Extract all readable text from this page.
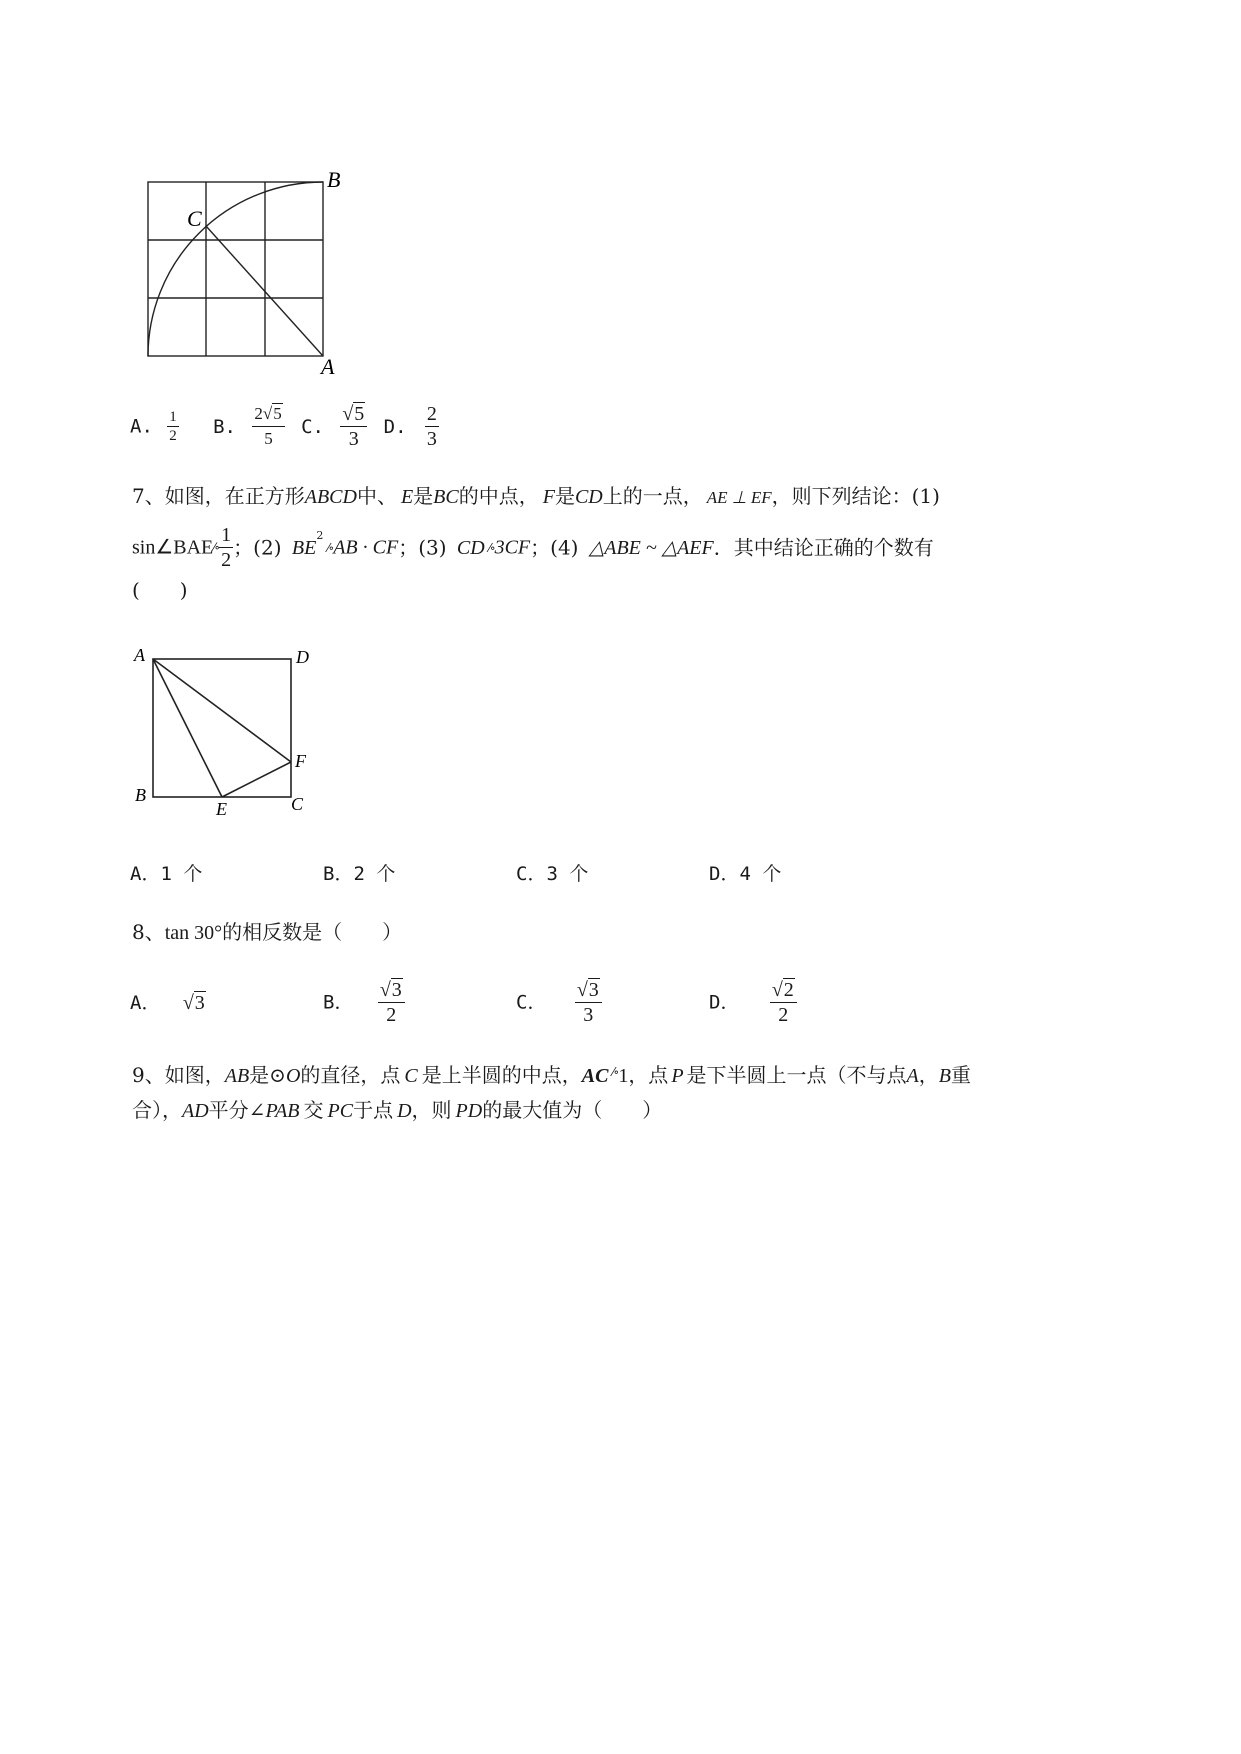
B
C
A
A. $\frac{1}{2} B$. $\frac{2√5}{5} C$. $\frac{√5}{3} D$. $\frac{2}{3}$
7、如图，在正方形ABCD中、 E是BC的中点， F是CD上的一点， AE ⊥ EF，则下列结论：(1)
sin∠BAE⁄∘ $\frac{1}{2}$ ；(2) $BE^2⁄\circ AB$ · CF；(3) CD ⁄∘3CF；(4) △ABE ~ △AEF．其中结论正确的个数有
(　　)
A	D
F
B
E	C
A．1 个	B．2 个	C．3 个	D．4 个
8、tan 30°的相反数是（　　）
A． √3	B． $\frac{√3}{2}$	C． $\frac{√3}{3}$	D． $\frac{√2}{2}$
9、如图，AB是⊙O的直径，点 C 是上半圆的中点，AC ⁄∘1，点 P 是下半圆上一点（不与点A，B重
合），AD平分∠PAB 交 PC于点 D，则 PD的最大值为（　　）
